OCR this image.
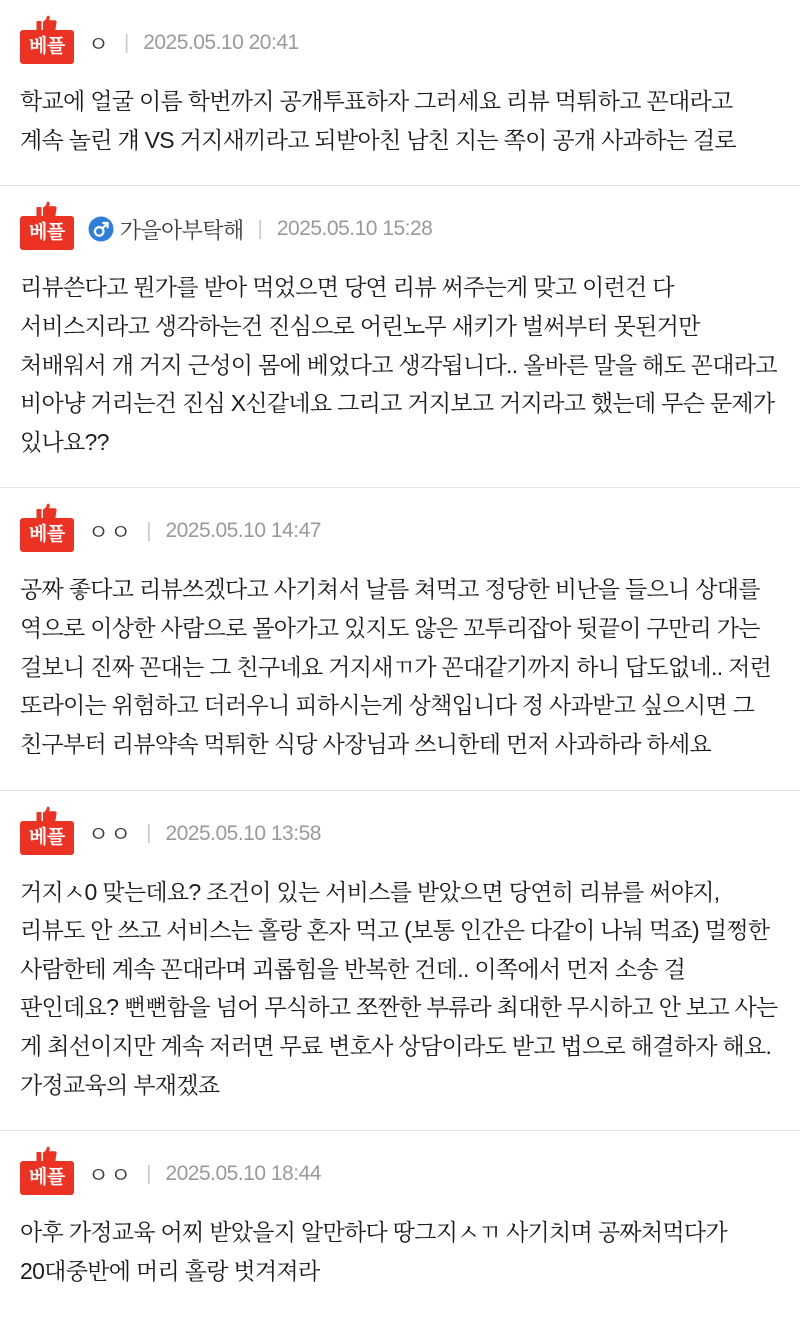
베플 ㅇ | 2025.05.10 20:41
학교에 얼굴 이름 학번까지 공개투표하자 그러세요 리뷰 먹튀하고 꼰대라고 계속 놀린 걔 VS 거지새끼라고 되받아친 남친 지는 쪽이 공개 사과하는 걸로
베플	가을아부탁해 | 2025.05.10 15:28
리뷰쓴다고 뭔가를 받아 먹었으면 당연 리뷰 써주는게 맞고 이런건 다 서비스지라고 생각하는건 진심으로 어린노무 새키가 벌써부터 못된거만 처배워서 개 거지 근성이 몸에 베었다고 생각됩니다.. 올바른 말을 해도 꼰대라고 비아냥 거리는건 진심 X신같네요 그리고 거지보고 거지라고 했는데 무슨 문제가 있나요??
베플 ㅇㅇ | 2025.05.10 14:47
공짜 좋다고 리뷰쓰겠다고 사기쳐서 날름 쳐먹고 정당한 비난을 들으니 상대를 역으로 이상한 사람으로 몰아가고 있지도 않은 꼬투리잡아 뒷끝이 구만리 가는 걸보니 진짜 꼰대는 그 친구네요 거지새ㄲ가 꼰대같기까지 하니 답도없네.. 저런 또라이는 위험하고 더러우니 피하시는게 상책입니다 정 사과받고 싶으시면 그 친구부터 리뷰약속 먹튀한 식당 사장님과 쓰니한테 먼저 사과하라 하세요
베플 ㅇㅇ | 2025.05.10 13:58
거지ㅅ0 맞는데요? 조건이 있는 서비스를 받았으면 당연히 리뷰를 써야지, 리뷰도 안 쓰고 서비스는 홀랑 혼자 먹고 (보통 인간은 다같이 나눠 먹죠) 멀쩡한 사람한테 계속 꼰대라며 괴롭힘을 반복한 건데.. 이쪽에서 먼저 소송 걸 판인데요? 뻔뻔함을 넘어 무식하고 쪼짠한 부류라 최대한 무시하고 안 보고 사는 게 최선이지만 계속 저러면 무료 변호사 상담이라도 받고 법으로 해결하자 해요. 가정교육의 부재겠죠
베플 ㅇㅇ | 2025.05.10 18:44
아후 가정교육 어찌 받았을지 알만하다 땅그지ㅅㄲ 사기치며 공짜처먹다가 20대중반에 머리 홀랑 벗겨져라
